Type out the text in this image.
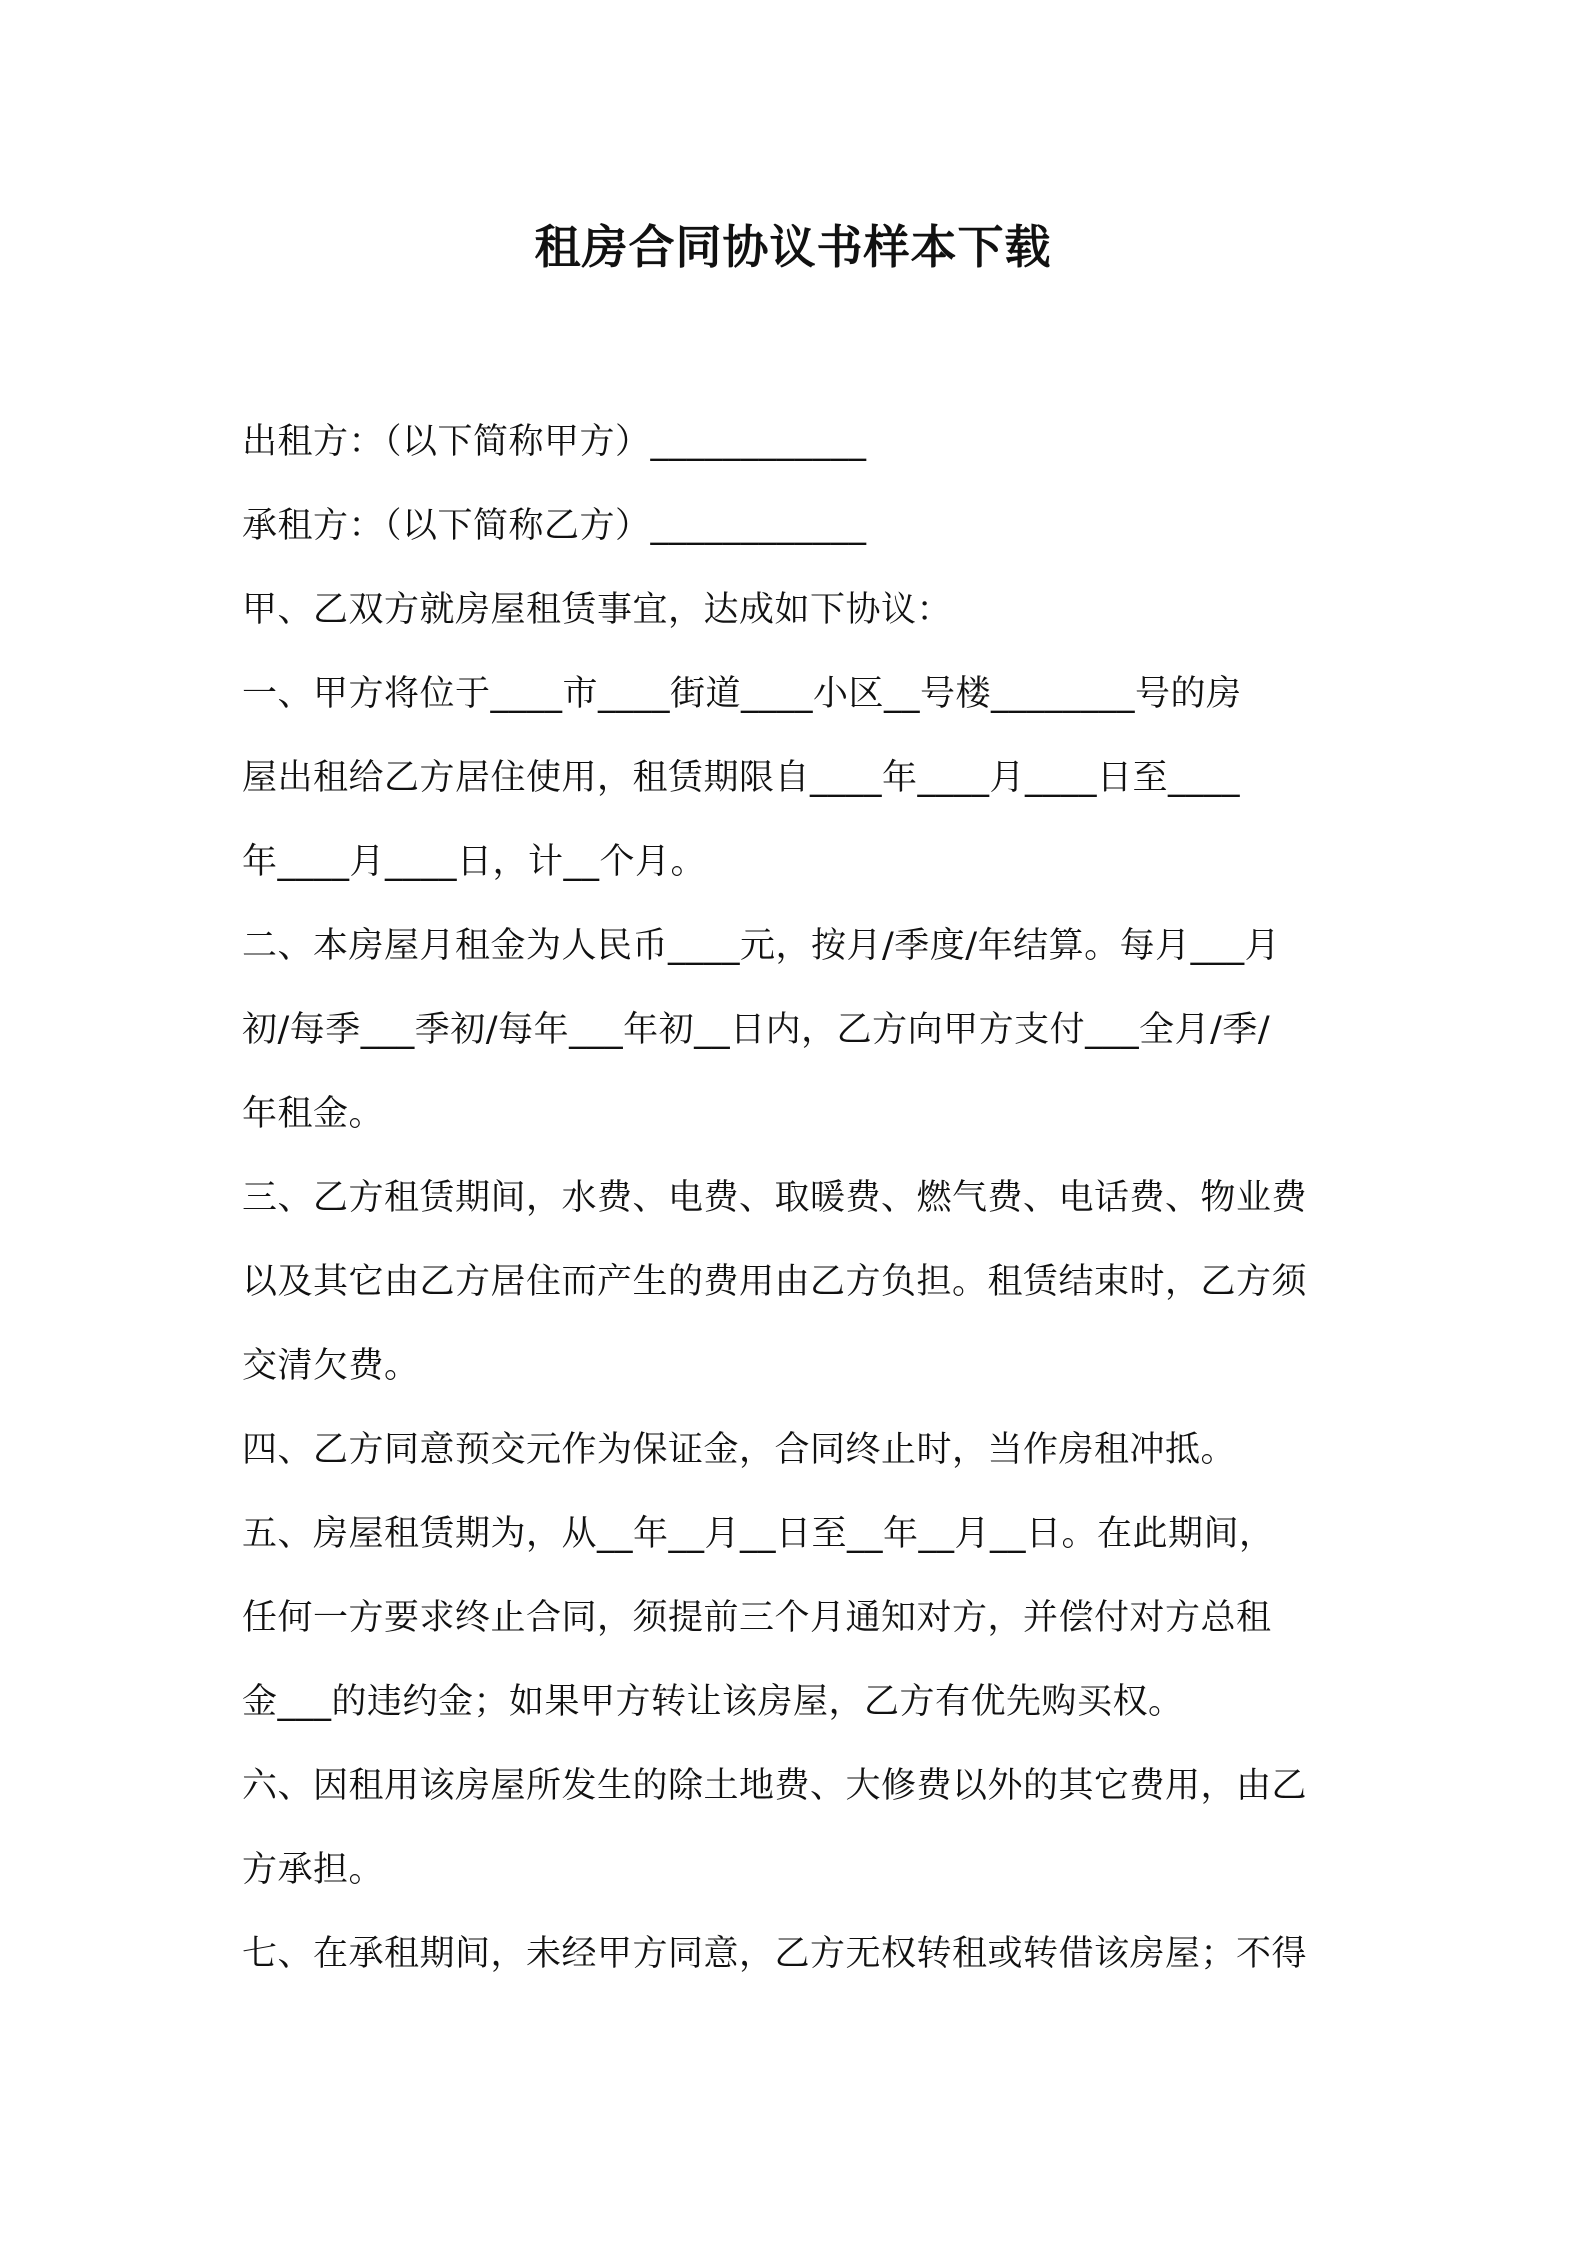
租房合同协议书样本下载
出租方：（以下简称甲方）____________
承租方：（以下简称乙方）____________
甲、乙双方就房屋租赁事宜，达成如下协议：
一、甲方将位于____市____街道____小区__号楼________号的房
屋出租给乙方居住使用，租赁期限自____年____月____日至____
年____月____日，计__个月。
二、本房屋月租金为人民币____元，按月/季度/年结算。每月___月
初/每季___季初/每年___年初__日内，乙方向甲方支付___全月/季/
年租金。
三、乙方租赁期间，水费、电费、取暖费、燃气费、电话费、物业费
以及其它由乙方居住而产生的费用由乙方负担。租赁结束时，乙方须
交清欠费。
四、乙方同意预交元作为保证金，合同终止时，当作房租冲抵。
五、房屋租赁期为，从__年__月__日至__年__月__日。在此期间，
任何一方要求终止合同，须提前三个月通知对方，并偿付对方总租
金___的违约金；如果甲方转让该房屋，乙方有优先购买权。
六、因租用该房屋所发生的除土地费、大修费以外的其它费用，由乙
方承担。
七、在承租期间，未经甲方同意，乙方无权转租或转借该房屋；不得
